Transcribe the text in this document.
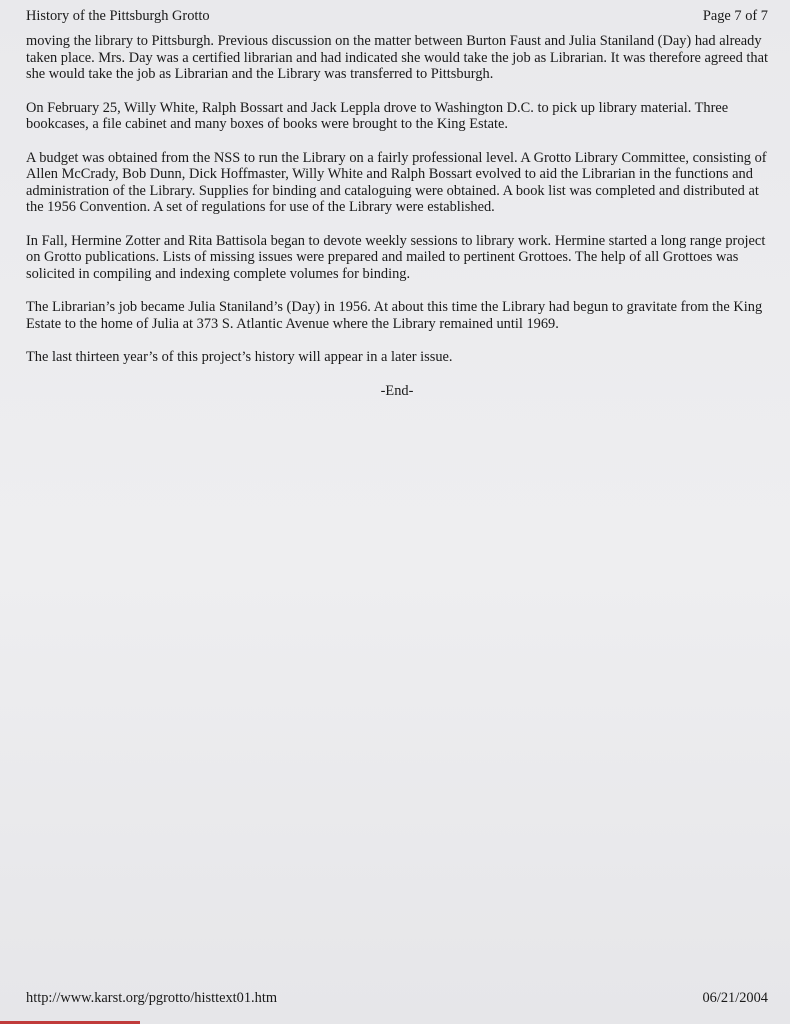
History of the Pittsburgh Grotto	Page 7 of 7

moving the library to Pittsburgh. Previous discussion on the matter between Burton Faust and Julia Staniland (Day) had already taken place. Mrs. Day was a certified librarian and had indicated she would take the job as Librarian. It was therefore agreed that she would take the job as Librarian and the Library was transferred to Pittsburgh.

On February 25, Willy White, Ralph Bossart and Jack Leppla drove to Washington D.C. to pick up library material. Three bookcases, a file cabinet and many boxes of books were brought to the King Estate.

A budget was obtained from the NSS to run the Library on a fairly professional level. A Grotto Library Committee, consisting of Allen McCrady, Bob Dunn, Dick Hoffmaster, Willy White and Ralph Bossart evolved to aid the Librarian in the functions and administration of the Library. Supplies for binding and cataloguing were obtained. A book list was completed and distributed at the 1956 Convention. A set of regulations for use of the Library were established.

In Fall, Hermine Zotter and Rita Battisola began to devote weekly sessions to library work. Hermine started a long range project on Grotto publications. Lists of missing issues were prepared and mailed to pertinent Grottoes. The help of all Grottoes was solicited in compiling and indexing complete volumes for binding.

The Librarian’s job became Julia Staniland’s (Day) in 1956. At about this time the Library had begun to gravitate from the King Estate to the home of Julia at 373 S. Atlantic Avenue where the Library remained until 1969.

The last thirteen year’s of this project’s history will appear in a later issue.

-End-
http://www.karst.org/pgrotto/histtext01.htm	06/21/2004
